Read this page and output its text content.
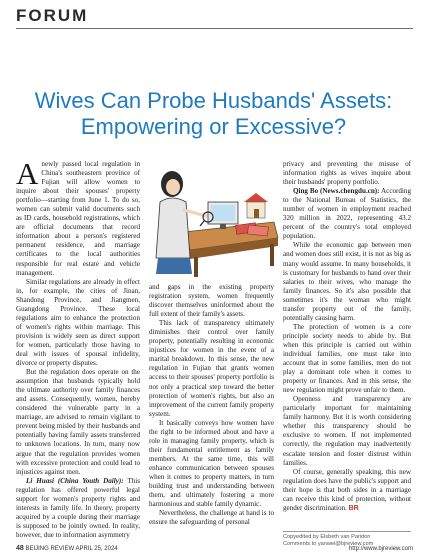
FORUM
Wives Can Probe Husbands' Assets:
Empowering or Excessive?

Anewly passed local regulation in China's southeastern province of Fujian will allow women to inquire about their spouses' property portfolio—starting from June 1. To do so, women can submit valid documents such as ID cards, household registrations, which are official documents that record information about a person's registered permanent residence, and marriage certificates to the local authorities responsible for real estate and vehicle management.

Similar regulations are already in effect in, for example, the cities of Jinan, Shandong Province, and Jiangmen, Guangdong Province. These local regulations aim to enhance the protection of women's rights within marriage. This provision is widely seen as direct support for women, particularly those having to deal with issues of spousal infidelity, divorce or property disputes.

But the regulation does operate on the assumption that husbands typically hold the ultimate authority over family finances and assets. Consequently, women, hereby considered the vulnerable party in a marriage, are advised to remain vigilant to prevent being misled by their husbands and potentially having family assets transferred to unknown locations. In turn, many now argue that the regulation provides women with excessive protection and could lead to injustices against men.

Li Huasi (China Youth Daily): This regulation has offered powerful legal support for women's property rights and interests in family life. In theory, property acquired by a couple during their marriage is supposed to be jointly owned. In reality, however, due to information asymmetry

and gaps in the existing property registration system, women frequently discover themselves uninformed about the full extent of their family's assets.

This lack of transparency ultimately diminishes their control over family property, potentially resulting in economic injustices for women in the event of a marital breakdown. In this sense, the new regulation in Fujian that grants women access to their spouses' property portfolio is not only a practical step toward the better protection of women's rights, but also an improvement of the current family property system.

It basically conveys how women have the right to be informed about and have a role in managing family property, which is their fundamental entitlement as family members. At the same time, this will enhance communication between spouses when it comes to property matters, in turn building trust and understanding between them, and ultimately fostering a more harmonious and stable family dynamic.

Nevertheless, the challenge at hand is to ensure the safeguarding of personal

privacy and preventing the misuse of information rights as wives inquire about their husbands' property portfolio.

Qing Bo (News.chengdu.cn): According to the National Bureau of Statistics, the number of women in employment reached 320 million in 2022, representing 43.2 percent of the country's total employed population.

While the economic gap between men and women does still exist, it is not as big as many would assume. In many households, it is customary for husbands to hand over their salaries to their wives, who manage the family finances. So it's also possible that sometimes it's the woman who might transfer property out of the family, potentially causing harm.

The protection of women is a core principle society needs to abide by. But when this principle is carried out within individual families, one must take into account that in some families, men do not play a dominant role when it comes to property or finances. And in this sense, the new regulation might prove unfair to them.

Openness and transparency are particularly important for maintaining family harmony. But it is worth considering whether this transparency should be exclusive to women. If not implemented correctly, the regulation may inadvertently escalate tension and foster distrust within families.

Of course, generally speaking, this new regulation does have the public's support and their hope is that both sides in a marriage can receive this kind of protection, without gender discrimination. BR

Copyedited by Elsbeth van Paridon
Comments to yanwei@bjreview.com
48 BEIJING REVIEW APRIL 25, 2024	http://www.bjreview.com
